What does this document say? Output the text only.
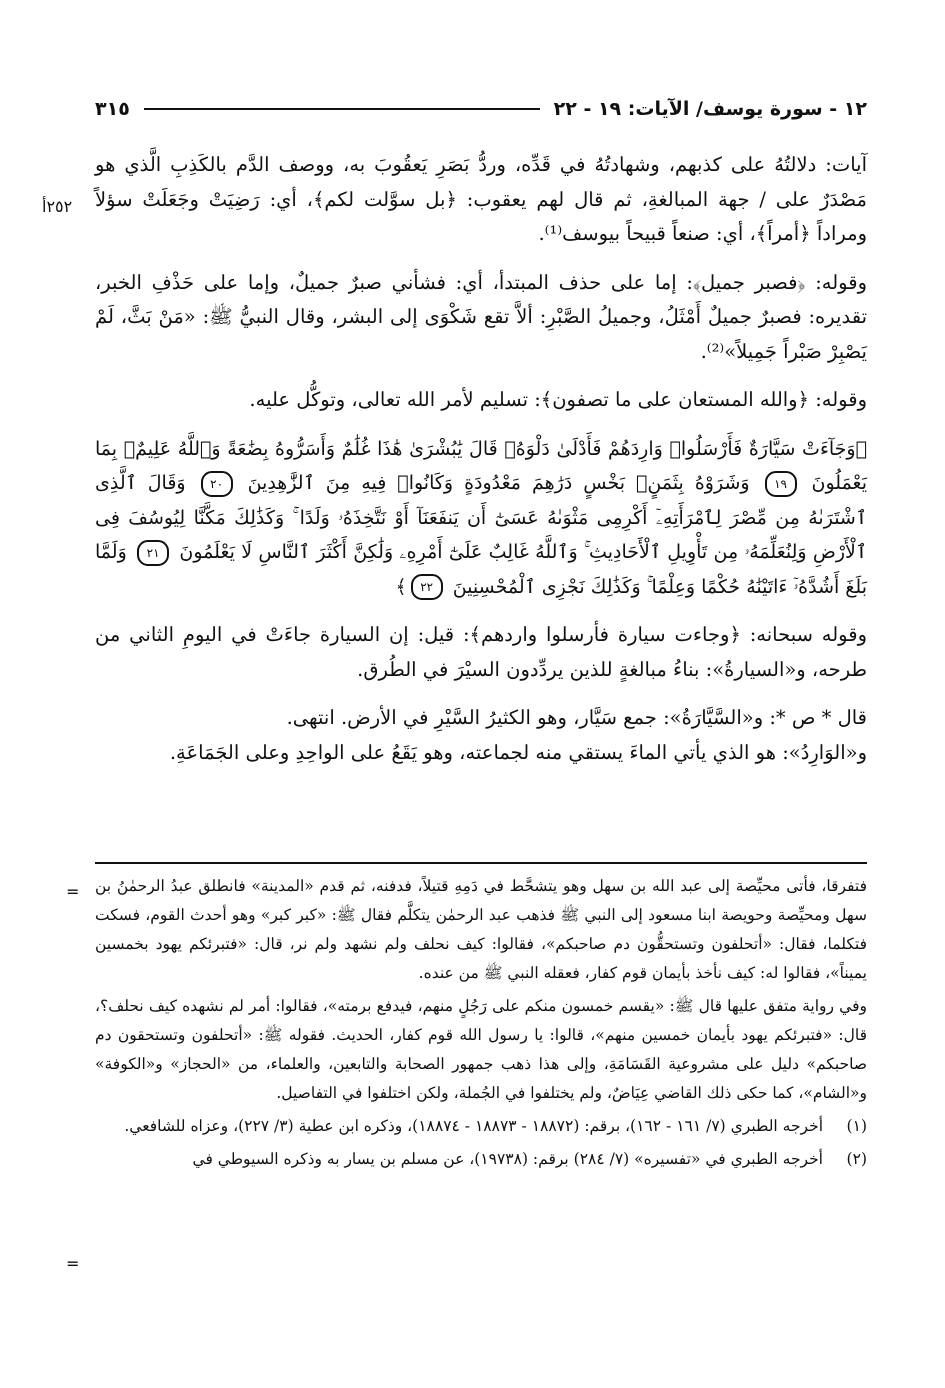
١٢ - سورة يوسف/ الآيات: ١٩ - ٢٢
٣١٥
٢٥٢أ

آيات: دلالتُهُ على كذبهم، وشهادتُهُ في قَدِّه، وردُّ بَصَرِ يَعقُوبَ به، ووصف الدَّم بالكَذِبِ الَّذي هو مَصْدَرٌ على / جهة المبالغةِ، ثم قال لهم يعقوب: ﴿بل سوَّلت لكم﴾، أي: رَضِيَتْ وجَعَلَتْ سؤلاً ومراداً ﴿أمراً﴾، أي: صنعاً قبيحاً بيوسف⁽¹⁾.

وقوله: ﴿فصبر جميل﴾: إما على حذف المبتدأ، أي: فشأني صبرٌ جميلٌ، وإما على حَذْفِ الخبر، تقديره: فصبرٌ جميلٌ أَمْثَلُ، وجميلُ الصَّبْرِ: ألاَّ تقع شَكْوَى إلى البشر، وقال النبيُّ ﷺ: «مَنْ بَثَّ، لَمْ يَصْبِرْ صَبْراً جَمِيلاً»⁽²⁾.

وقوله: ﴿والله المستعان على ما تصفون﴾: تسليم لأمر الله تعالى، وتوكُّل عليه.

﴿وَجَآءَتْ سَيَّارَةٌ فَأَرْسَلُوا۟ وَارِدَهُمْ فَأَدْلَىٰ دَلْوَهُۥ قَالَ يَٰبُشْرَىٰ هَٰذَا غُلَٰمٌ وَأَسَرُّوهُ بِضَٰعَةً وَٱللَّهُ عَلِيمٌۢ بِمَا يَعْمَلُونَ ١٩ وَشَرَوْهُ بِثَمَنٍۭ بَخْسٍ دَرَٰهِمَ مَعْدُودَةٍ وَكَانُوا۟ فِيهِ مِنَ ٱلزَّٰهِدِينَ ٢٠ وَقَالَ ٱلَّذِى ٱشْتَرَىٰهُ مِن مِّصْرَ لِٱمْرَأَتِهِۦٓ أَكْرِمِى مَثْوَىٰهُ عَسَىٰٓ أَن يَنفَعَنَآ أَوْ نَتَّخِذَهُۥ وَلَدًا ۚ وَكَذَٰلِكَ مَكَّنَّا لِيُوسُفَ فِى ٱلْأَرْضِ وَلِنُعَلِّمَهُۥ مِن تَأْوِيلِ ٱلْأَحَادِيثِ ۚ وَٱللَّهُ غَالِبٌ عَلَىٰٓ أَمْرِهِۦ وَلَٰكِنَّ أَكْثَرَ ٱلنَّاسِ لَا يَعْلَمُونَ ٢١ وَلَمَّا بَلَغَ أَشُدَّهُۥٓ ءَاتَيْنَٰهُ حُكْمًا وَعِلْمًا ۚ وَكَذَٰلِكَ نَجْزِى ٱلْمُحْسِنِينَ ٢٢﴾

وقوله سبحانه: ﴿وجاءت سيارة فأرسلوا واردهم﴾: قيل: إن السيارة جاءَتْ في اليومِ الثاني من طرحه، و«السيارةُ»: بناءُ مبالغةٍ للذين يردِّدون السيْرَ في الطُرق.

قال * ص *: و«السَّيَّارَةُ»: جمع سَيَّار، وهو الكثيرُ السَّيْرِ في الأرض. انتهى.

و«الوَارِدُ»: هو الذي يأتي الماءَ يستقي منه لجماعته، وهو يَقَعُ على الواحِدِ وعلى الجَمَاعَةِ.

= فتفرقا، فأتى محيِّصة إلى عبد الله بن سهل وهو يتشحَّط في دَمِهِ قتيلاً، فدفنه، ثم قدم «المدينة» فانطلق عبدُ الرحمٰنُ بن سهل ومحيِّصة وحويصة ابنا مسعود إلى النبي ﷺ فذهب عبد الرحمٰن يتكلَّم فقال ﷺ: «كبر كبر» وهو أحدث القوم، فسكت فتكلما، فقال: «أتحلفون وتستحقُّون دم صاحبكم»، فقالوا: كيف نحلف ولم نشهد ولم نر، قال: «فتبرئكم يهود بخمسين يميناً»، فقالوا له: كيف نأخذ بأيمان قوم كفار، فعقله النبي ﷺ من عنده.

وفي رواية متفق عليها قال ﷺ: «يقسم خمسون منكم على رَجُلٍ منهم، فيدفع برمته»، فقالوا: أمر لم نشهده كيف نحلف؟، قال: «فتبرئكم يهود بأيمان خمسين منهم»، قالوا: يا رسول الله قوم كفار، الحديث. فقوله ﷺ: «أتحلفون وتستحقون دم صاحبكم» دليل على مشروعية القَسَامَةِ، وإلى هذا ذهب جمهور الصحابة والتابعين، والعلماء، من «الحجاز» و«الكوفة» و«الشام»، كما حكى ذلك القاضي عِيَاضٌ، ولم يختلفوا في الجُملة، ولكن اختلفوا في التفاصيل.

(١)
أخرجه الطبري (٧/ ١٦١ - ١٦٢)، برقم: (١٨٨٧٢ - ١٨٨٧٣ - ١٨٨٧٤)، وذكره ابن عطية (٣/ ٢٢٧)، وعزاه للشافعي.
(٢)
أخرجه الطبري في «تفسيره» (٧/ ٢٨٤) برقم: (١٩٧٣٨)، عن مسلم بن يسار به وذكره السيوطي في
=
